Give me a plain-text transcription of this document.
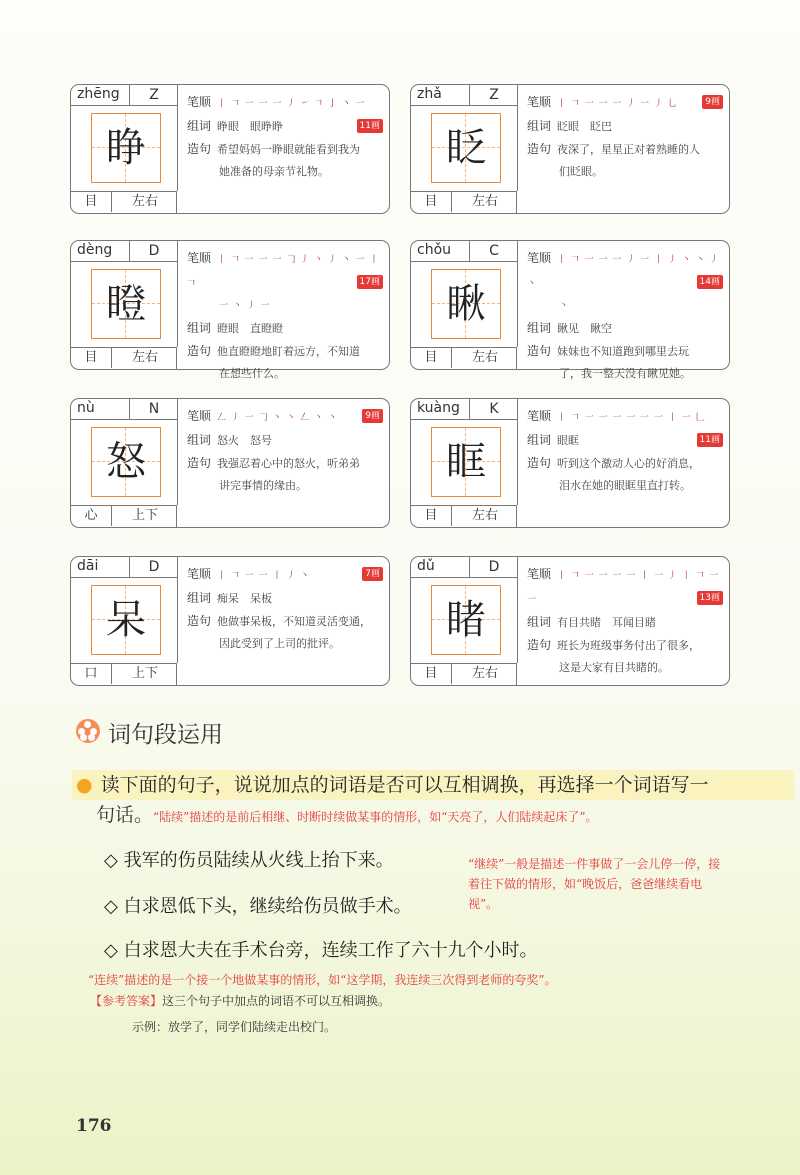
zhēng	Z
睁
目	左右
笔顺 丨 𠃍 一 一 一 丿 ㇀ 𠃍 亅 丶 一
11画
组词 睁眼　眼睁睁
造句 希望妈妈一睁眼就能看到我为
她准备的母亲节礼物。
zhǎ	Z
眨
目	左右
笔顺 丨 𠃍 一 一 一 丿 一 丿 乚	9画
组词 眨眼　眨巴
造句 夜深了，星星正对着熟睡的人
们眨眼。
dèng	D
瞪
目	左右
笔顺 丨 𠃍 一 一 一 𠃌 丿 丶 丿 丶 一 丨 𠃍	17画
一 丶 丿 一
组词 瞪眼　直瞪瞪
造句 他直瞪瞪地盯着远方，不知道
在想些什么。
chǒu	C
瞅
目	左右
笔顺 丨 𠃍 一 一 一 丿 一 丨 丿 丶 丶 丿 丶	14画
丶
组词 瞅见　瞅空
造句 妹妹也不知道跑到哪里去玩
了，我一整天没有瞅见她。
nù	N
怒
心	上下
笔顺 𠃋 丿 一 𠃌 丶 丶 𠃋 丶 丶	9画
组词 怒火　怒号
造句 我强忍着心中的怒火，听弟弟
讲完事情的缘由。
kuàng	K
眶
目	左右
笔顺 丨 𠃍 一 一 一 一 一 一 丨 一 𠃊
11画
组词 眼眶
造句 听到这个激动人心的好消息，
泪水在她的眼眶里直打转。
dāi	D
呆
口	上下
笔顺 丨 𠃍 一 一 丨 丿 丶	7画
组词 痴呆　呆板
造句 他做事呆板，不知道灵活变通，
因此受到了上司的批评。
dǔ	D
睹
目	左右
笔顺 丨 𠃍 一 一 一 一 丨 一 丿 丨 𠃍 一 一	13画
组词 有目共睹　耳闻目睹
造句 班长为班级事务付出了很多，
这是大家有目共睹的。
词句段运用
● 读下面的句子，说说加点的词语是否可以互相调换，再选择一个词语写一
句话。“陆续”描述的是前后相继、时断时续做某事的情形，如“天亮了，人们陆续起床了”。
◇ 我军的伤员陆续从火线上抬下来。
◇ 白求恩低下头，继续给伤员做手术。
◇ 白求恩大夫在手术台旁，连续工作了六十九个小时。
“继续”一般是描述一件事做了一会儿停一停，接着往下做的情形，如“晚饭后，爸爸继续看电视”。
“连续”描述的是一个接一个地做某事的情形，如“这学期，我连续三次得到老师的夸奖”。
【参考答案】这三个句子中加点的词语不可以互相调换。
示例：放学了，同学们陆续走出校门。
176
